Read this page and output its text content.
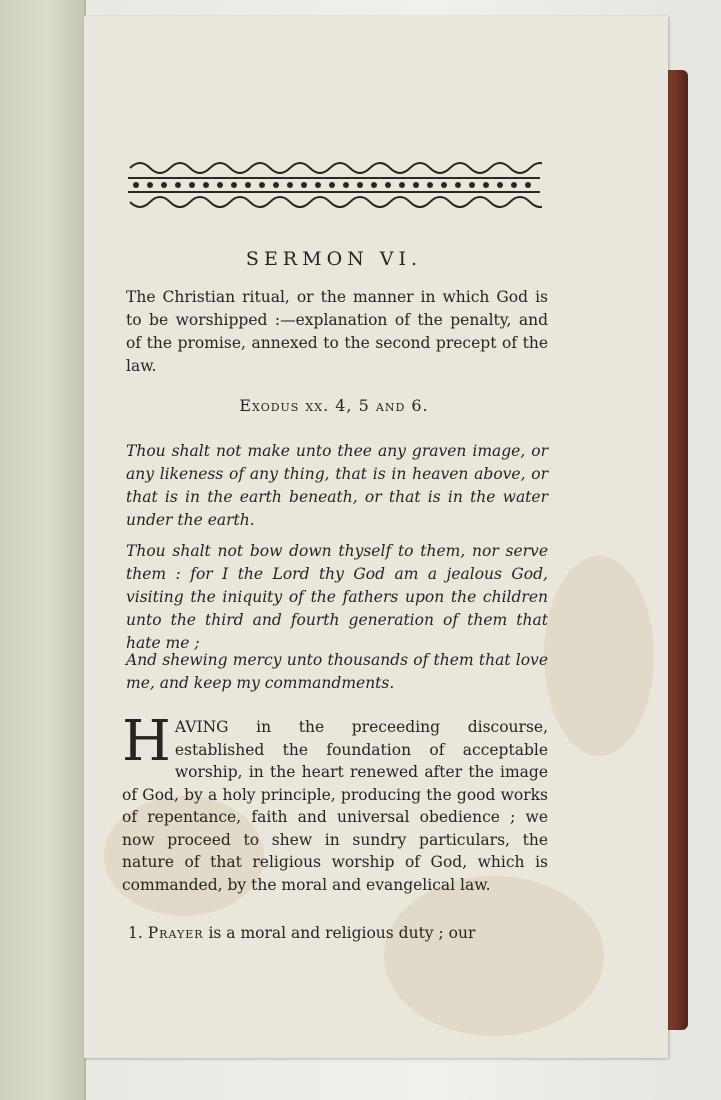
SERMON VI.
The Christian ritual, or the manner in which God is to be worshipped :—explanation of the penalty, and of the promise, annexed to the second precept of the law.
Exodus xx. 4, 5 and 6.
Thou shalt not make unto thee any graven image, or any likeness of any thing, that is in heaven above, or that is in the earth beneath, or that is in the water under the earth.
Thou shalt not bow down thyself to them, nor serve them : for I the Lord thy God am a jealous God, visiting the iniquity of the fathers upon the children unto the third and fourth generation of them that hate me ;
And shewing mercy unto thousands of them that love me, and keep my commandments.
HAVING in the preceeding discourse, established the foundation of acceptable worship, in the heart renewed after the image of God, by a holy principle, producing the good works of repentance, faith and universal obedience ; we now proceed to shew in sundry particulars, the nature of that religious worship of God, which is commanded, by the moral and evangelical law.
1. Prayer is a moral and religious duty ; our
